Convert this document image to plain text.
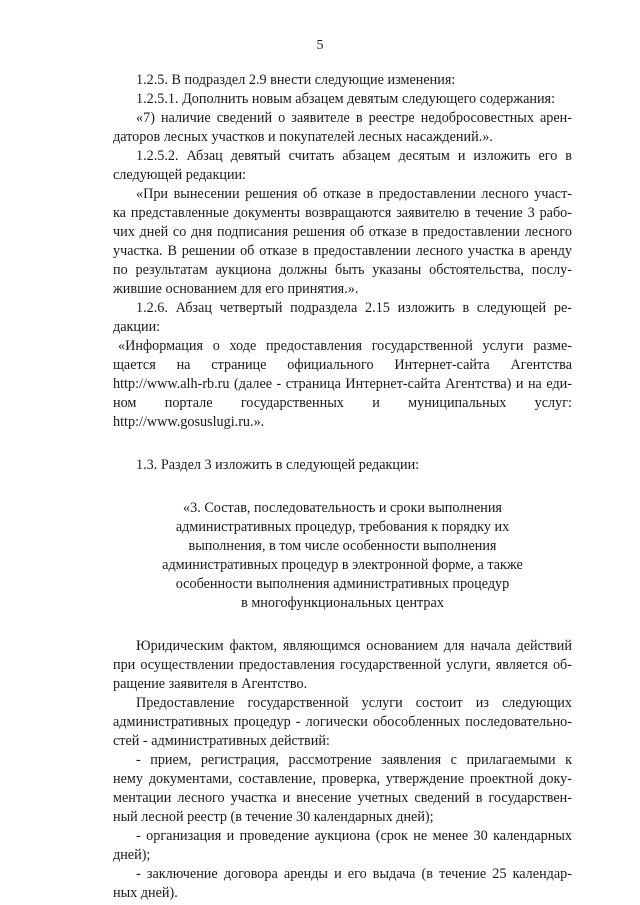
5
1.2.5. В подраздел 2.9 внести следующие изменения:
1.2.5.1. Дополнить новым абзацем девятым следующего содержания:
«7) наличие сведений о заявителе в реестре недобросовестных арен-
даторов лесных участков и покупателей лесных насаждений.».
1.2.5.2. Абзац девятый считать абзацем десятым и изложить его в
следующей редакции:
«При вынесении решения об отказе в предоставлении лесного участ-
ка представленные документы возвращаются заявителю в течение 3 рабо-
чих дней со дня подписания решения об отказе в предоставлении лесного
участка. В решении об отказе в предоставлении лесного участка в аренду
по результатам аукциона должны быть указаны обстоятельства, послу-
жившие основанием для его принятия.».
1.2.6. Абзац четвертый подраздела 2.15 изложить в следующей ре-
дакции:
«Информация о ходе предоставления государственной услуги разме-
щается на странице официального Интернет-сайта Агентства
http://www.alh-rb.ru (далее - страница Интернет-сайта Агентства) и на еди-
ном портале государственных и муниципальных услуг:
http://www.gosuslugi.ru.».
1.3. Раздел 3 изложить в следующей редакции:
«3. Состав, последовательность и сроки выполнения
административных процедур, требования к порядку их
выполнения, в том числе особенности выполнения
административных процедур в электронной форме, а также
особенности выполнения административных процедур
в многофункциональных центрах
Юридическим фактом, являющимся основанием для начала действий
при осуществлении предоставления государственной услуги, является об-
ращение заявителя в Агентство.
Предоставление государственной услуги состоит из следующих
административных процедур - логически обособленных последовательно-
стей - административных действий:
- прием, регистрация, рассмотрение заявления с прилагаемыми к
нему документами, составление, проверка, утверждение проектной доку-
ментации лесного участка и внесение учетных сведений в государствен-
ный лесной реестр (в течение 30 календарных дней);
- организация и проведение аукциона (срок не менее 30 календарных
дней);
- заключение договора аренды и его выдача (в течение 25 календар-
ных дней).
